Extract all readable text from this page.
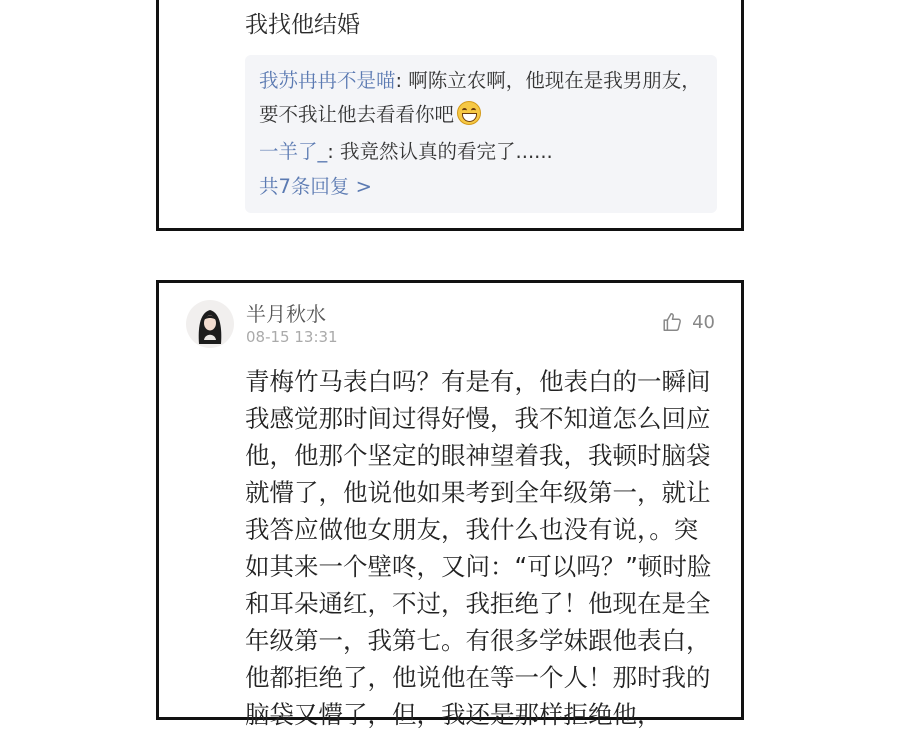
我找他结婚

我苏冉冉不是喵: 啊陈立农啊，他现在是我男朋友，要不我让他去看看你吧
一羊了_: 我竟然认真的看完了......
共7条回复 >
半月秋水
08-15 13:31
40

青梅竹马表白吗？有是有，他表白的一瞬间我感觉那时间过得好慢，我不知道怎么回应他，他那个坚定的眼神望着我，我顿时脑袋就懵了，他说他如果考到全年级第一，就让我答应做他女朋友，我什么也没有说，。突如其来一个壁咚，又问：“可以吗？”顿时脸和耳朵通红，不过，我拒绝了！他现在是全年级第一，我第七。有很多学妹跟他表白，他都拒绝了，他说他在等一个人！那时我的脑袋又懵了，但，我还是那样拒绝他，
